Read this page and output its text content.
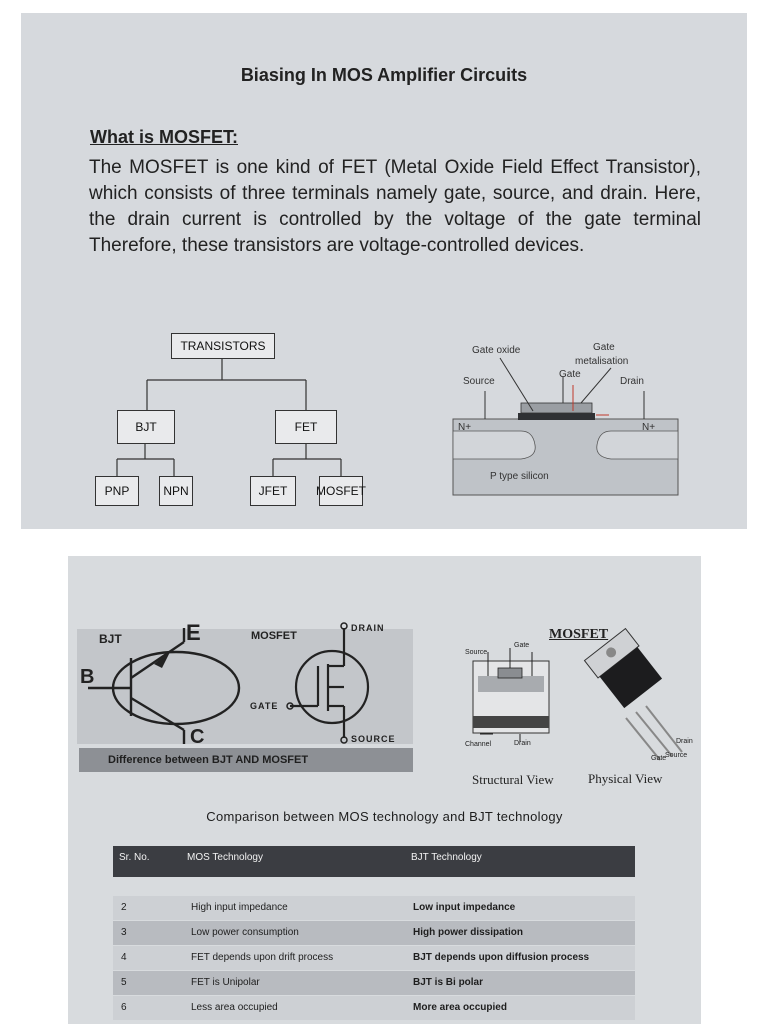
Biasing In MOS Amplifier Circuits
What is MOSFET:
The MOSFET is one kind of FET (Metal Oxide Field Effect Transistor), which consists of three terminals namely gate, source, and drain. Here, the drain current is controlled by the voltage of the gate terminal Therefore, these transistors are voltage-controlled devices.
TRANSISTORS
BJT	FET
PNP	NPN	JFET	MOSFET
Gate oxide	Gate
metalisation
Gate
Source	Drain
N+	N+
P type silicon
BJT	E
B
C
MOSFET
DRAIN
GATE
SOURCE
Difference between BJT AND MOSFET
MOSFET
Source
Gate
Channel	Drain	Drain
Gate
Source
Structural View	Physical View
Comparison between MOS technology and BJT technology
Sr. No.	MOS Technology	BJT Technology
2	High input impedance	Low input impedance
3	Low power consumption	High power dissipation
4	FET depends upon drift process	BJT depends upon diffusion process
5	FET is Unipolar	BJT is Bi polar
6	Less area occupied	More area occupied
